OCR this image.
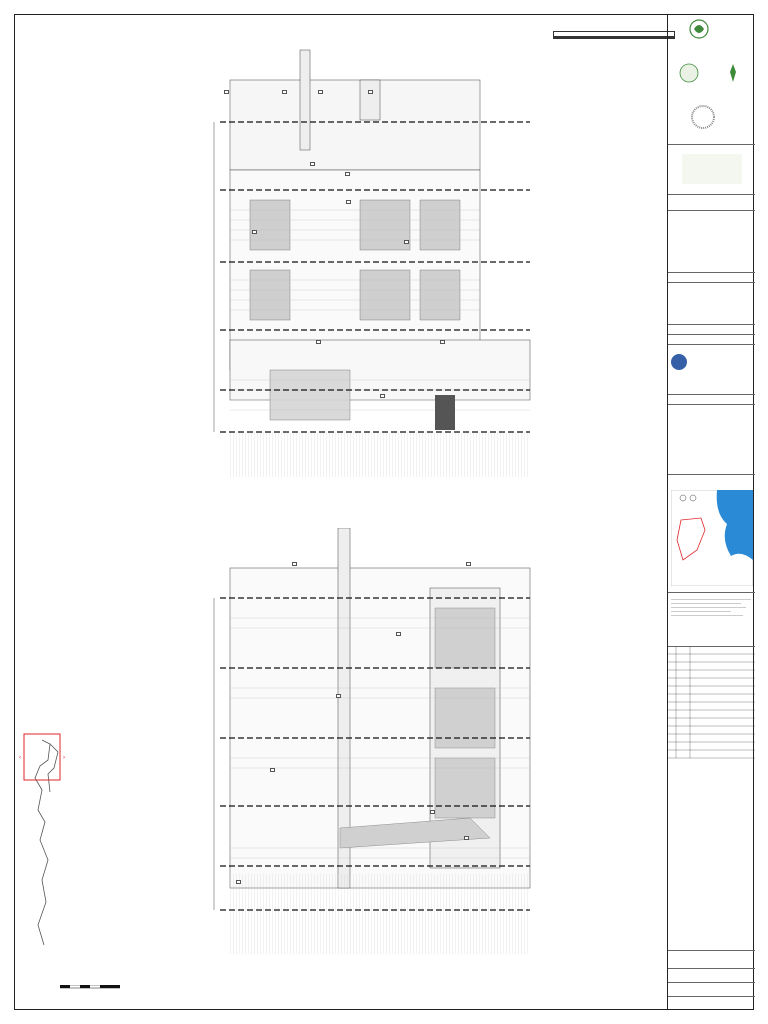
‹	›
